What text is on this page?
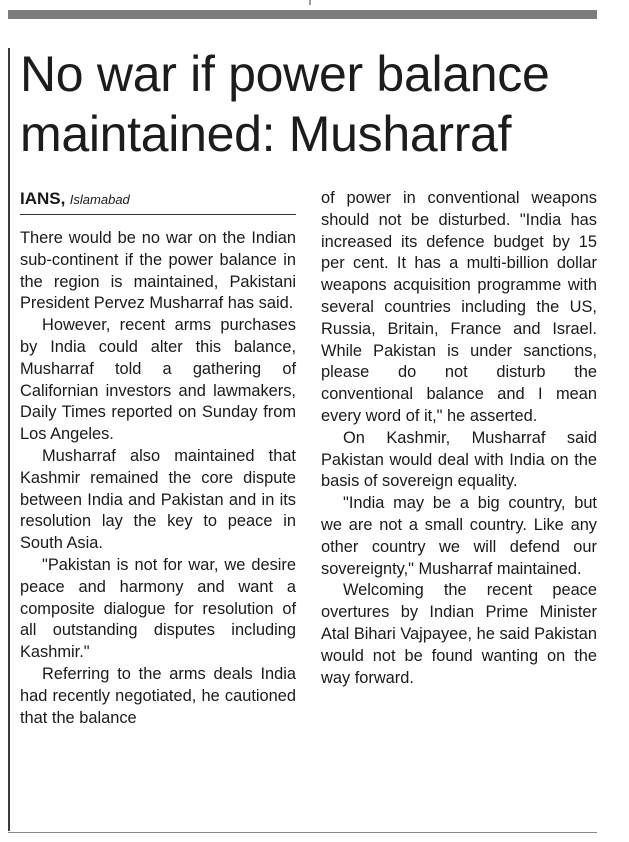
No war if power balance maintained: Musharraf
IANS, Islamabad

There would be no war on the Indian sub-continent if the power balance in the region is maintained, Pakistani President Pervez Musharraf has said.

However, recent arms purchases by India could alter this balance, Musharraf told a gathering of Californian investors and lawmakers, Daily Times reported on Sunday from Los Angeles.

Musharraf also maintained that Kashmir remained the core dispute between India and Pakistan and in its resolution lay the key to peace in South Asia.

"Pakistan is not for war, we desire peace and harmony and want a composite dialogue for resolution of all outstanding disputes including Kashmir."

Referring to the arms deals India had recently negotiated, he cautioned that the balance

of power in conventional weapons should not be disturbed. "India has increased its defence budget by 15 per cent. It has a multi-billion dollar weapons acquisition programme with several countries including the US, Russia, Britain, France and Israel. While Pakistan is under sanctions, please do not disturb the conventional balance and I mean every word of it," he asserted.

On Kashmir, Musharraf said Pakistan would deal with India on the basis of sovereign equality.

"India may be a big country, but we are not a small country. Like any other country we will defend our sovereignty," Musharraf maintained.

Welcoming the recent peace overtures by Indian Prime Minister Atal Bihari Vajpayee, he said Pakistan would not be found wanting on the way forward.
